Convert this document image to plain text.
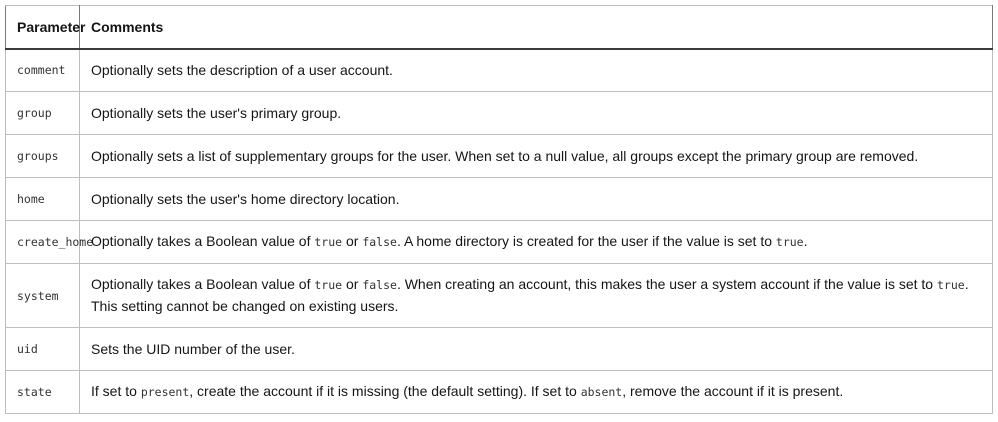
Parameter	Comments
comment	Optionally sets the description of a user account.
group	Optionally sets the user's primary group.
groups	Optionally sets a list of supplementary groups for the user. When set to a null value, all groups except the primary group are removed.
home	Optionally sets the user's home directory location.
create_home	Optionally takes a Boolean value of true or false. A home directory is created for the user if the value is set to true.
system	Optionally takes a Boolean value of true or false. When creating an account, this makes the user a system account if the value is set to true. This setting cannot be changed on existing users.
uid	Sets the UID number of the user.
state	If set to present, create the account if it is missing (the default setting). If set to absent, remove the account if it is present.
